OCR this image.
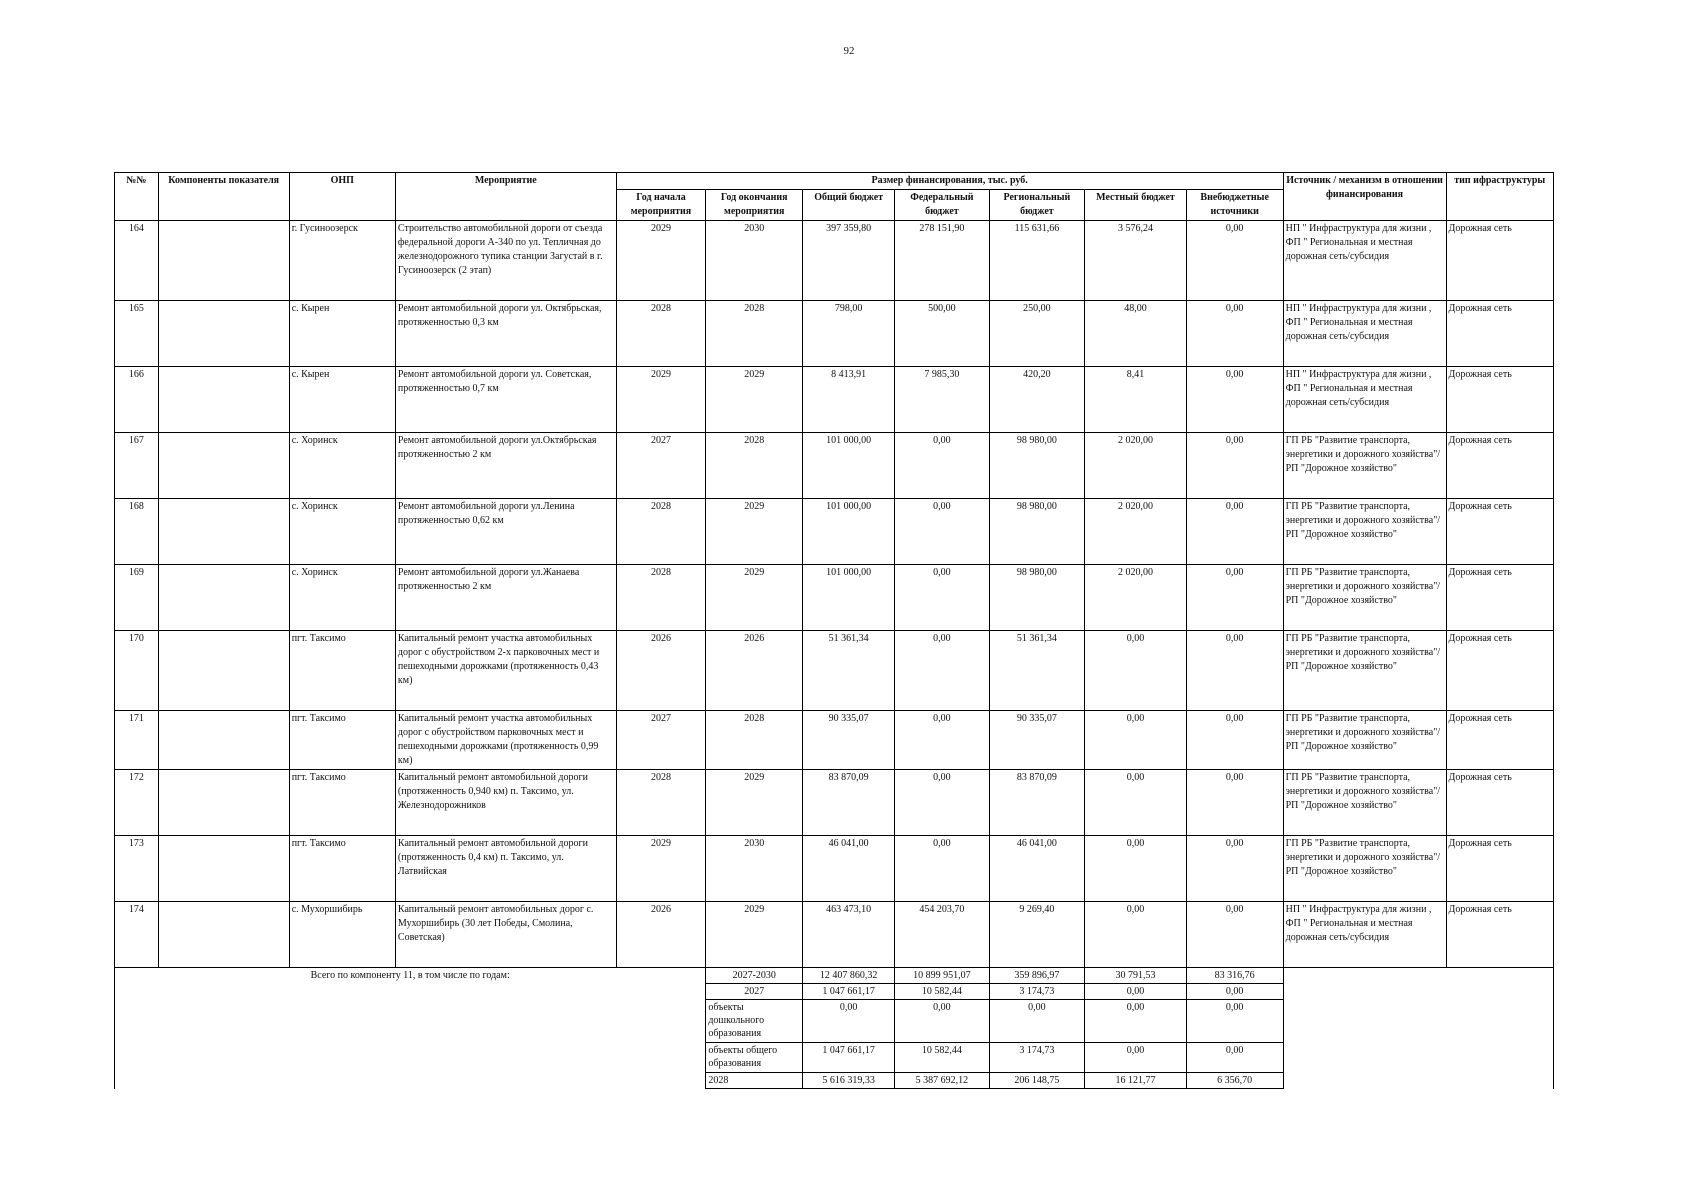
92
№№	Компоненты показателя	ОНП	Мероприятие	Размер финансирования, тыс. руб.							Источник / механизм в отношении финансирования	тип ифраструктуры
				Год начала мероприятия	Год окончания мероприятия	Общий бюджет	Федеральный бюджет	Региональный бюджет	Местный бюджет	Внебюджетные источники		
164		г. Гусиноозерск	Строительство автомобильной дороги от съезда федеральной дороги А-340 по ул. Тепличная до железнодорожного тупика станции Загустай в г. Гусиноозерск (2 этап)	2029	2030	397 359,80	278 151,90	115 631,66	3 576,24	0,00	НП " Инфраструктура для жизни , ФП " Региональная и местная дорожная сеть/субсидия	Дорожная сеть
165		с. Кырен	Ремонт автомобильной дороги ул. Октябрьская, протяженностью 0,3 км	2028	2028	798,00	500,00	250,00	48,00	0,00	НП " Инфраструктура для жизни , ФП " Региональная и местная дорожная сеть/субсидия	Дорожная сеть
166		с. Кырен	Ремонт автомобильной дороги ул. Советская, протяженностью 0,7 км	2029	2029	8 413,91	7 985,30	420,20	8,41	0,00	НП " Инфраструктура для жизни , ФП " Региональная и местная дорожная сеть/субсидия	Дорожная сеть
167		с. Хоринск	Ремонт автомобильной дороги ул.Октябрьская протяженностью 2 км	2027	2028	101 000,00	0,00	98 980,00	2 020,00	0,00	ГП РБ "Развитие транспорта, энергетики и дорожного хозяйства"/РП "Дорожное хозяйство"	Дорожная сеть
168		с. Хоринск	Ремонт автомобильной дороги ул.Ленина протяженностью 0,62 км	2028	2029	101 000,00	0,00	98 980,00	2 020,00	0,00	ГП РБ "Развитие транспорта, энергетики и дорожного хозяйства"/РП "Дорожное хозяйство"	Дорожная сеть
169		с. Хоринск	Ремонт автомобильной дороги ул.Жанаева протяженностью 2 км	2028	2029	101 000,00	0,00	98 980,00	2 020,00	0,00	ГП РБ "Развитие транспорта, энергетики и дорожного хозяйства"/РП "Дорожное хозяйство"	Дорожная сеть
170		пгт. Таксимо	Капитальный ремонт участка автомобильных дорог с обустройством 2-х парковочных мест и пешеходными дорожками (протяженность 0,43 км)	2026	2026	51 361,34	0,00	51 361,34	0,00	0,00	ГП РБ "Развитие транспорта, энергетики и дорожного хозяйства"/РП "Дорожное хозяйство"	Дорожная сеть
171		пгт. Таксимо	Капитальный ремонт участка автомобильных дорог с обустройством парковочных мест и пешеходными дорожками (протяженность 0,99 км)	2027	2028	90 335,07	0,00	90 335,07	0,00	0,00	ГП РБ "Развитие транспорта, энергетики и дорожного хозяйства"/РП "Дорожное хозяйство"	Дорожная сеть
172		пгт. Таксимо	Капитальный ремонт автомобильной дороги (протяженность 0,940 км) п. Таксимо, ул. Железнодорожников	2028	2029	83 870,09	0,00	83 870,09	0,00	0,00	ГП РБ "Развитие транспорта, энергетики и дорожного хозяйства"/РП "Дорожное хозяйство"	Дорожная сеть
173		пгт. Таксимо	Капитальный ремонт автомобильной дороги (протяженность 0,4 км) п. Таксимо, ул. Латвийская	2029	2030	46 041,00	0,00	46 041,00	0,00	0,00	ГП РБ "Развитие транспорта, энергетики и дорожного хозяйства"/РП "Дорожное хозяйство"	Дорожная сеть
174		с. Мухоршибирь	Капитальный ремонт автомобильных дорог с. Мухоршибирь (30 лет Победы, Смолина, Советская)	2026	2029	463 473,10	454 203,70	9 269,40	0,00	0,00	НП " Инфраструктура для жизни , ФП " Региональная и местная дорожная сеть/субсидия	Дорожная сеть
Всего по компоненту 11, в том числе по годам:					2027-2030	12 407 860,32	10 899 951,07	359 896,97	30 791,53	83 316,76		
					2027	1 047 661,17	10 582,44	3 174,73	0,00	0,00		
					объекты дошкольного образования	0,00	0,00	0,00	0,00	0,00		
					объекты общего образования	1 047 661,17	10 582,44	3 174,73	0,00	0,00		
					2028	5 616 319,33	5 387 692,12	206 148,75	16 121,77	6 356,70		
